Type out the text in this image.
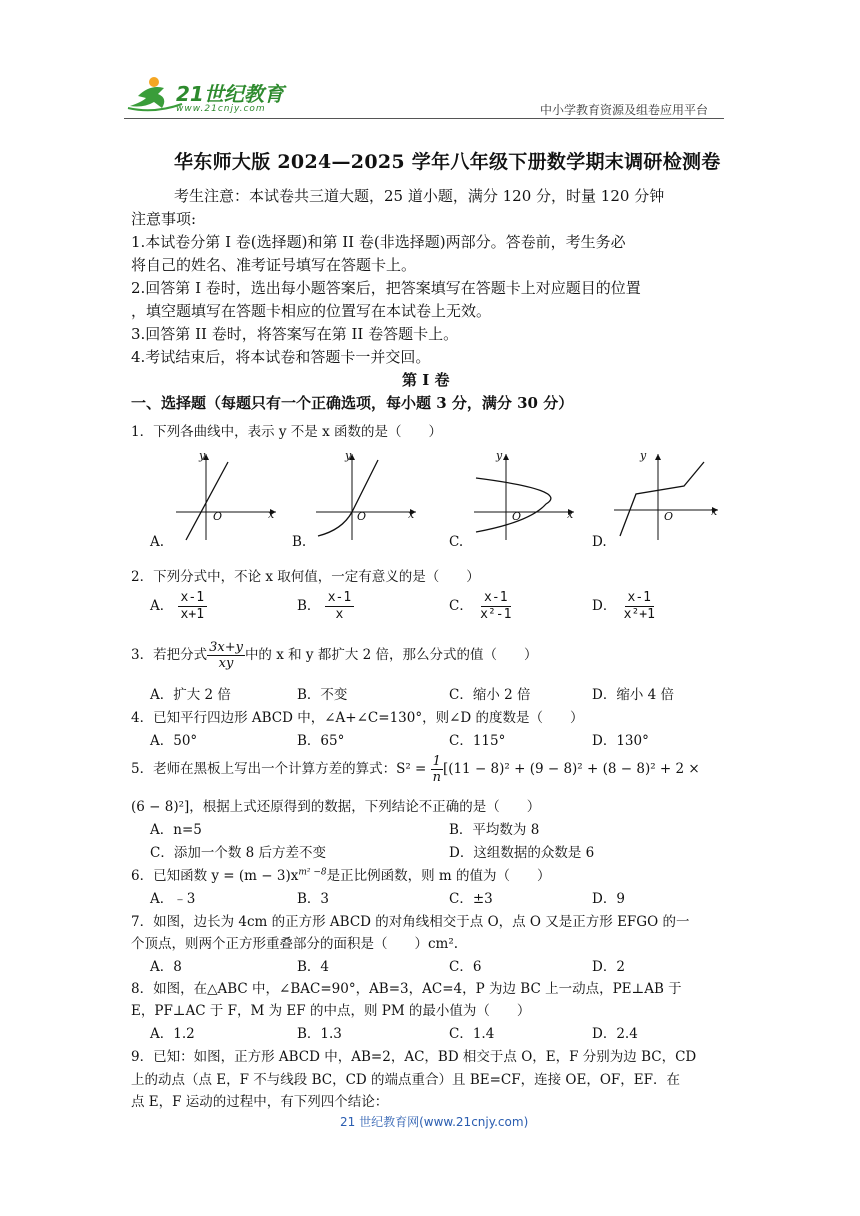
21世纪教育
www.21cnjy.com	中小学教育资源及组卷应用平台
华东师大版 2024—2025 学年八年级下册数学期末调研检测卷
考生注意：本试卷共三道大题，25 道小题，满分 120 分，时量 120 分钟
注意事项:
1.本试卷分第 I 卷(选择题)和第 II 卷(非选择题)两部分。答卷前，考生务必
将自己的姓名、准考证号填写在答题卡上。
2.回答第 I 卷时，选出每小题答案后，把答案填写在答题卡上对应题目的位置
，填空题填写在答题卡相应的位置写在本试卷上无效。
3.回答第 II 卷时，将答案写在第 II 卷答题卡上。
4.考试结束后，将本试卷和答题卡一并交回。
第 I 卷
一、选择题（每题只有一个正确选项，每小题 3 分，满分 30 分）
1．下列各曲线中，表示 y 不是 x 函数的是（　　）
y
x
O
y
x
O
y
x
O
y
x
O
A.	B.	C.	D.
2．下列分式中，不论 x 取何值，一定有意义的是（　　）
A． $\frac{x-1}{x+1}$	B． $\frac{x-1}{x}$	C． $\frac{x-1}{\text{x²-1}}$	D． $\frac{x-1}{\text{x²+1}}$
3．若把分式 $\frac{3x+y}{xy}$ 中的 x 和 y 都扩大 2 倍，那么分式的值（　　）
A．扩大 2 倍	B．不变	C．缩小 2 倍	D．缩小 4 倍
4．已知平行四边形 ABCD 中，∠A+∠C=130°，则∠D 的度数是（　　）
A．50°	B．65°	C．115°	D．130°
5．老师在黑板上写出一个计算方差的算式：$S^2 = \frac{1}{n} [(11 - 8)^2 + (9 - 8)^2 + (8 - 8)^2 + 2$ ×
(6 − 8)²]，根据上式还原得到的数据，下列结论不正确的是（　　）
A．n=5	B．平均数为 8
C．添加一个数 8 后方差不变	D．这组数据的众数是 6
6．已知函数 $y = (m - 3)x^{m^2 -8}$是正比例函数，则 m 的值为（　　）
A．﹣3	B．3	C．±3	D．9
7．如图，边长为 4cm 的正方形 ABCD 的对角线相交于点 O，点 O 又是正方形 EFGO 的一
个顶点，则两个正方形重叠部分的面积是（　　）cm².
A．8	B．4	C．6	D．2
8．如图，在△ABC 中，∠BAC=90°，AB=3，AC=4，P 为边 BC 上一动点，PE⊥AB 于
E，PF⊥AC 于 F，M 为 EF 的中点，则 PM 的最小值为（　　）
A．1.2	B．1.3	C．1.4	D．2.4
9．已知：如图，正方形 ABCD 中，AB=2，AC，BD 相交于点 O，E，F 分别为边 BC，CD
上的动点（点 E，F 不与线段 BC，CD 的端点重合）且 BE=CF，连接 OE，OF，EF．在
点 E，F 运动的过程中，有下列四个结论：
21 世纪教育网(www.21cnjy.com)
